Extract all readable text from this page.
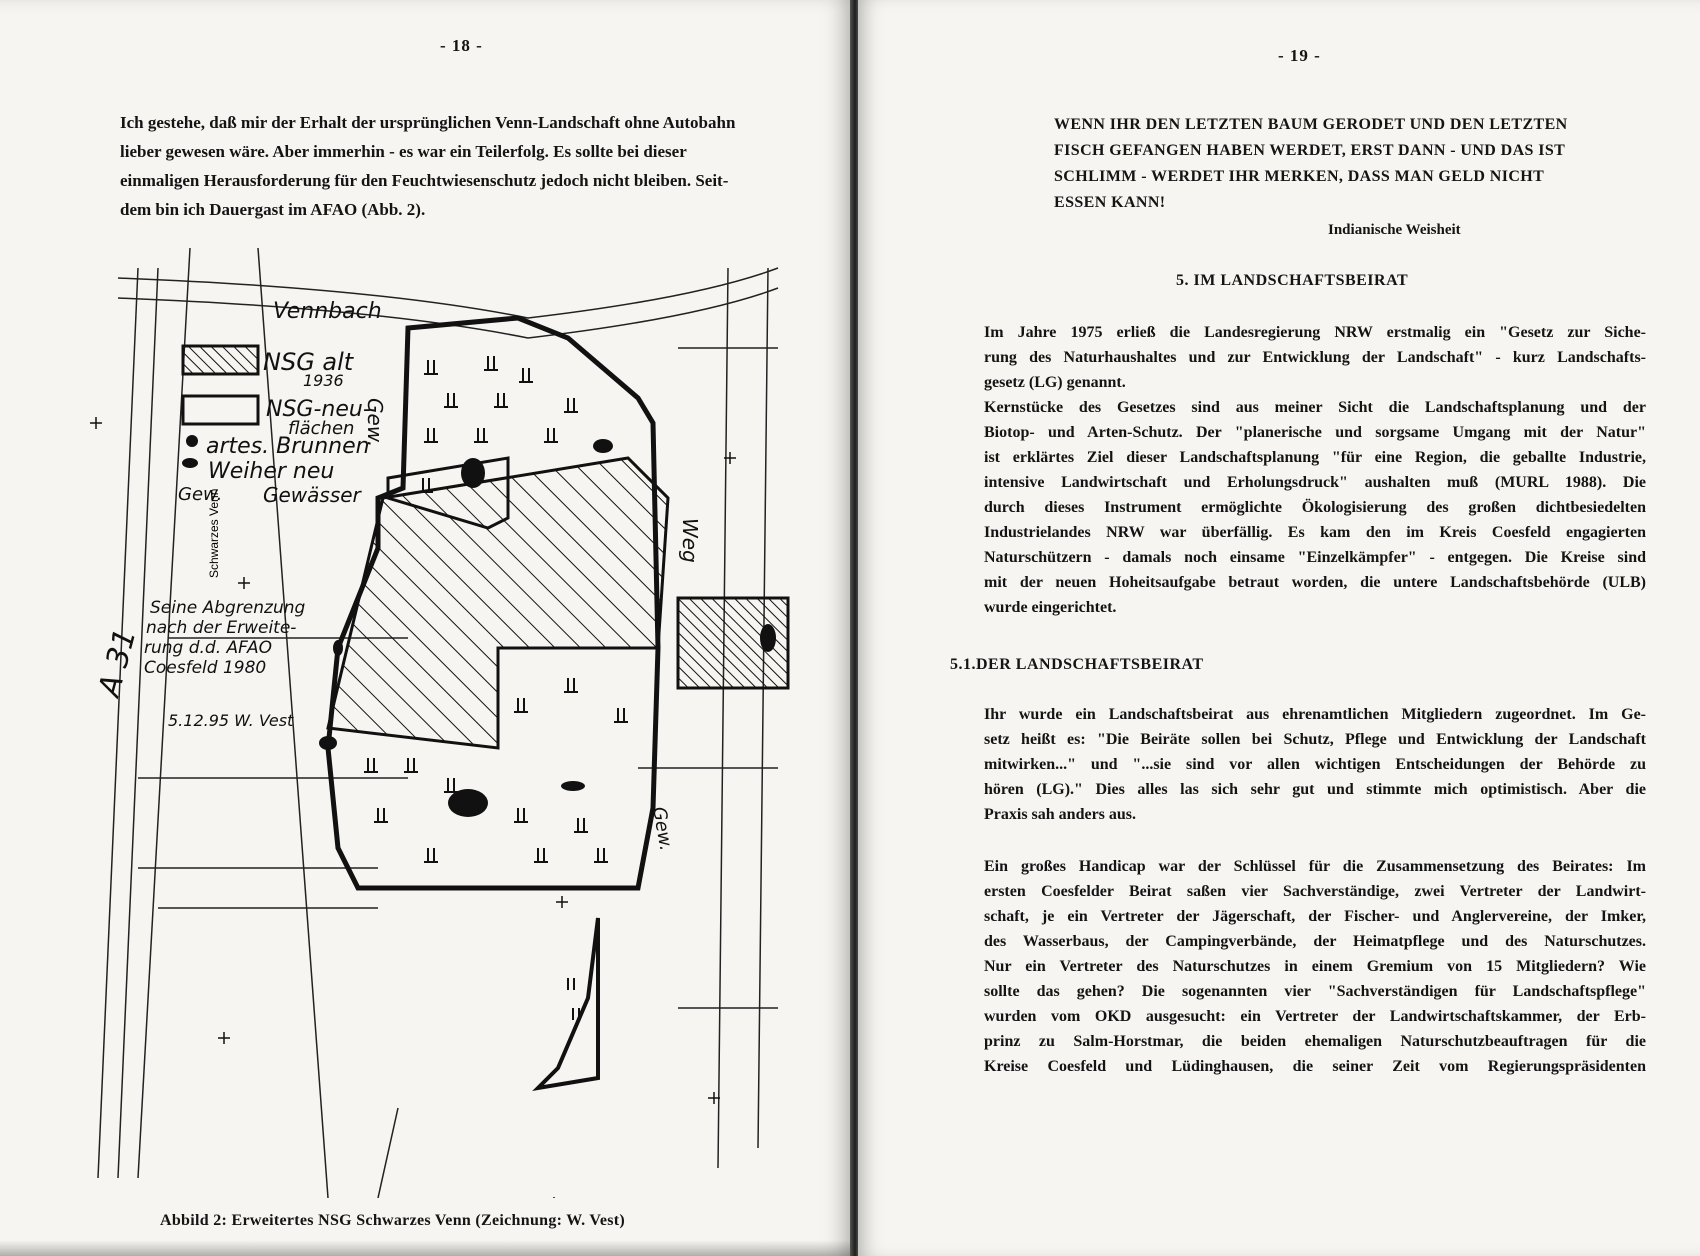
- 18 -
Ich gestehe, daß mir der Erhalt der ursprünglichen Venn-Landschaft ohne Autobahn
lieber gewesen wäre. Aber immerhin - es war ein Teilerfolg. Es sollte bei dieser
einmaligen Herausforderung für den Feuchtwiesenschutz jedoch nicht bleiben. Seit-
dem bin ich Dauergast im AFAO (Abb. 2).
Vennbach
NSG alt
1936
NSG-neu-
flächen
artes. Brunnen
Weiher neu
Gew. Gewässer
Gew.
Schwarzes Venn
A 31
Seine Abgrenzung
nach der Erweite-
rung d.d. AFAO
Coesfeld 1980
5.12.95 W. Vest
Weg
Gew.
Abbild 2: Erweitertes NSG Schwarzes Venn (Zeichnung: W. Vest)
- 19 -
WENN IHR DEN LETZTEN BAUM GERODET UND DEN LETZTEN
FISCH GEFANGEN HABEN WERDET, ERST DANN - UND DAS IST
SCHLIMM - WERDET IHR MERKEN, DASS MAN GELD NICHT
ESSEN KANN!
Indianische Weisheit
5. IM LANDSCHAFTSBEIRAT
Im Jahre 1975 erließ die Landesregierung NRW erstmalig ein "Gesetz zur Siche-
rung des Naturhaushaltes und zur Entwicklung der Landschaft" - kurz Landschafts-
gesetz (LG) genannt.
Kernstücke des Gesetzes sind aus meiner Sicht die Landschaftsplanung und der
Biotop- und Arten-Schutz. Der "planerische und sorgsame Umgang mit der Natur"
ist erklärtes Ziel dieser Landschaftsplanung "für eine Region, die geballte Industrie,
intensive Landwirtschaft und Erholungsdruck" aushalten muß (MURL 1988). Die
durch dieses Instrument ermöglichte Ökologisierung des großen dichtbesiedelten
Industrielandes NRW war überfällig. Es kam den im Kreis Coesfeld engagierten
Naturschützern - damals noch einsame "Einzelkämpfer" - entgegen. Die Kreise sind
mit der neuen Hoheitsaufgabe betraut worden, die untere Landschaftsbehörde (ULB)
wurde eingerichtet.
5.1.DER LANDSCHAFTSBEIRAT
Ihr wurde ein Landschaftsbeirat aus ehrenamtlichen Mitgliedern zugeordnet. Im Ge-
setz heißt es: "Die Beiräte sollen bei Schutz, Pflege und Entwicklung der Landschaft
mitwirken..." und "...sie sind vor allen wichtigen Entscheidungen der Behörde zu
hören (LG)." Dies alles las sich sehr gut und stimmte mich optimistisch. Aber die
Praxis sah anders aus.
Ein großes Handicap war der Schlüssel für die Zusammensetzung des Beirates: Im
ersten Coesfelder Beirat saßen vier Sachverständige, zwei Vertreter der Landwirt-
schaft, je ein Vertreter der Jägerschaft, der Fischer- und Anglervereine, der Imker,
des Wasserbaus, der Campingverbände, der Heimatpflege und des Naturschutzes.
Nur ein Vertreter des Naturschutzes in einem Gremium von 15 Mitgliedern? Wie
sollte das gehen? Die sogenannten vier "Sachverständigen für Landschaftspflege"
wurden vom OKD ausgesucht: ein Vertreter der Landwirtschaftskammer, der Erb-
prinz zu Salm-Horstmar, die beiden ehemaligen Naturschutzbeauftragen für die
Kreise Coesfeld und Lüdinghausen, die seiner Zeit vom Regierungspräsidenten
